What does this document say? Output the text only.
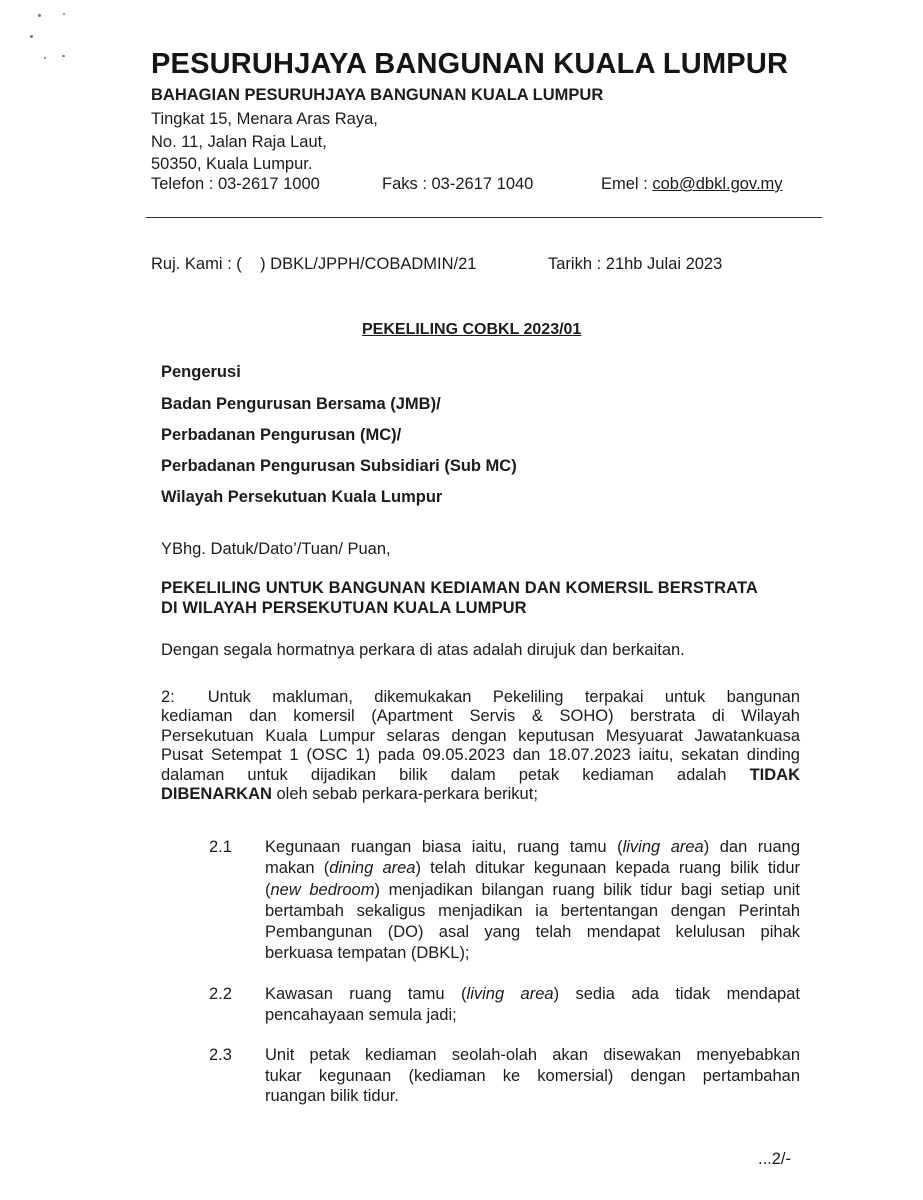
PESURUHJAYA BANGUNAN KUALA LUMPUR
BAHAGIAN PESURUHJAYA BANGUNAN KUALA LUMPUR
Tingkat 15, Menara Aras Raya,
No. 11, Jalan Raja Laut,
50350, Kuala Lumpur.
Telefon : 03-2617 1000	Faks : 03-2617 1040	Emel : cob@dbkl.gov.my
Ruj. Kami : (    ) DBKL/JPPH/COBADMIN/21	Tarikh : 21hb Julai 2023
PEKELILING COBKL 2023/01
Pengerusi
Badan Pengurusan Bersama (JMB)/
Perbadanan Pengurusan (MC)/
Perbadanan Pengurusan Subsidiari (Sub MC)
Wilayah Persekutuan Kuala Lumpur
YBhg. Datuk/Dato’/Tuan/ Puan,
PEKELILING UNTUK BANGUNAN KEDIAMAN DAN KOMERSIL BERSTRATA
DI WILAYAH PERSEKUTUAN KUALA LUMPUR
Dengan segala hormatnya perkara di atas adalah dirujuk dan berkaitan.
2: Untuk makluman, dikemukakan Pekeliling terpakai untuk bangunan
kediaman dan komersil (Apartment Servis & SOHO) berstrata di Wilayah
Persekutuan Kuala Lumpur selaras dengan keputusan Mesyuarat Jawatankuasa
Pusat Setempat 1 (OSC 1) pada 09.05.2023 dan 18.07.2023 iaitu, sekatan dinding
dalaman untuk dijadikan bilik dalam petak kediaman adalah TIDAK
DIBENARKAN oleh sebab perkara-perkara berikut;
2.1 Kegunaan ruangan biasa iaitu, ruang tamu (living area) dan ruang
makan (dining area) telah ditukar kegunaan kepada ruang bilik tidur
(new bedroom) menjadikan bilangan ruang bilik tidur bagi setiap unit
bertambah sekaligus menjadikan ia bertentangan dengan Perintah
Pembangunan (DO) asal yang telah mendapat kelulusan pihak
berkuasa tempatan (DBKL);
2.2 Kawasan ruang tamu (living area) sedia ada tidak mendapat
pencahayaan semula jadi;
2.3 Unit petak kediaman seolah-olah akan disewakan menyebabkan
tukar kegunaan (kediaman ke komersial) dengan pertambahan
ruangan bilik tidur.
...2/-
